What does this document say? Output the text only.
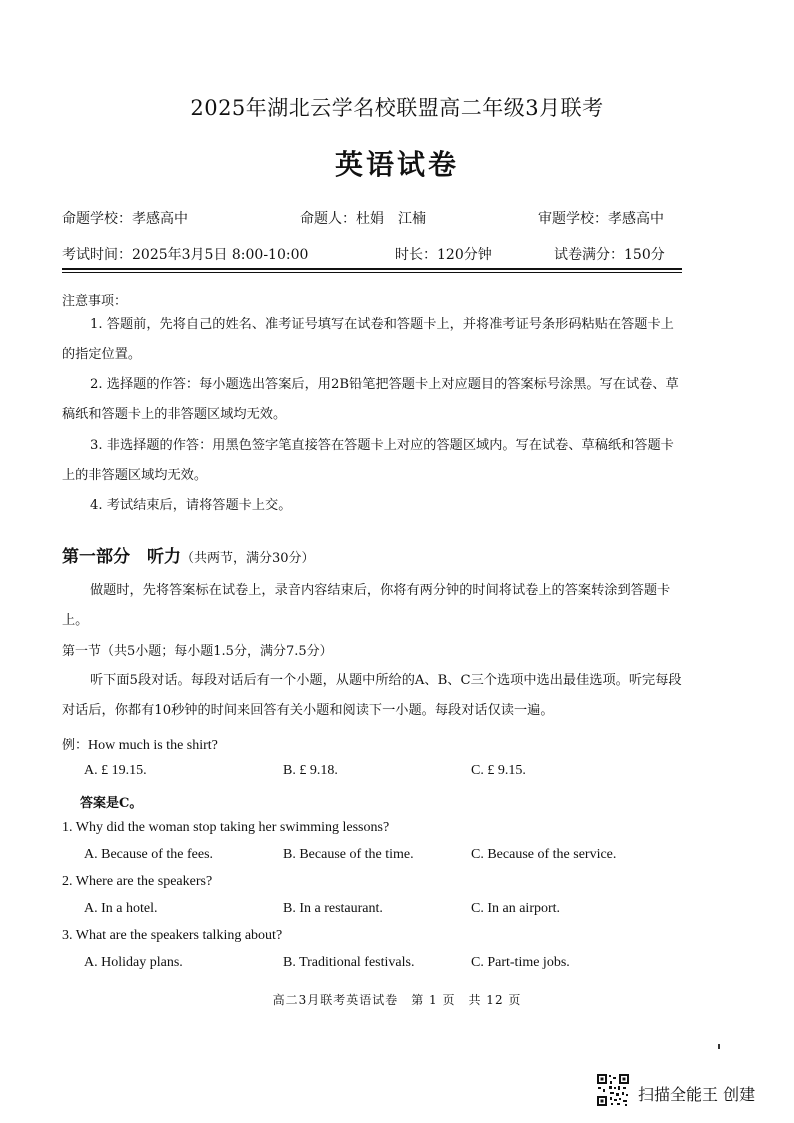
2025年湖北云学名校联盟高二年级3月联考
英语试卷
命题学校：孝感高中	命题人：杜娟　江楠	审题学校：孝感高中
考试时间：2025年3月5日 8:00-10:00	时长：120分钟	试卷满分：150分
注意事项：
1. 答题前，先将自己的姓名、准考证号填写在试卷和答题卡上，并将准考证号条形码粘贴在答题卡上的指定位置。
2. 选择题的作答：每小题选出答案后，用2B铅笔把答题卡上对应题目的答案标号涂黑。写在试卷、草稿纸和答题卡上的非答题区域均无效。
3. 非选择题的作答：用黑色签字笔直接答在答题卡上对应的答题区域内。写在试卷、草稿纸和答题卡上的非答题区域均无效。
4. 考试结束后，请将答题卡上交。
第一部分　听力（共两节，满分30分）
做题时，先将答案标在试卷上，录音内容结束后，你将有两分钟的时间将试卷上的答案转涂到答题卡上。
第一节（共5小题；每小题1.5分，满分7.5分）
听下面5段对话。每段对话后有一个小题，从题中所给的A、B、C三个选项中选出最佳选项。听完每段对话后，你都有10秒钟的时间来回答有关小题和阅读下一小题。每段对话仅读一遍。
例：How much is the shirt?
A. £ 19.15.	B. £ 9.18.	C. £ 9.15.
答案是C。
1. Why did the woman stop taking her swimming lessons?
A. Because of the fees.	B. Because of the time.	C. Because of the service.
2. Where are the speakers?
A. In a hotel.	B. In a restaurant.	C. In an airport.
3. What are the speakers talking about?
A. Holiday plans.	B. Traditional festivals.	C. Part-time jobs.
高二3月联考英语试卷　第 1 页　共 12 页
扫描全能王 创建
